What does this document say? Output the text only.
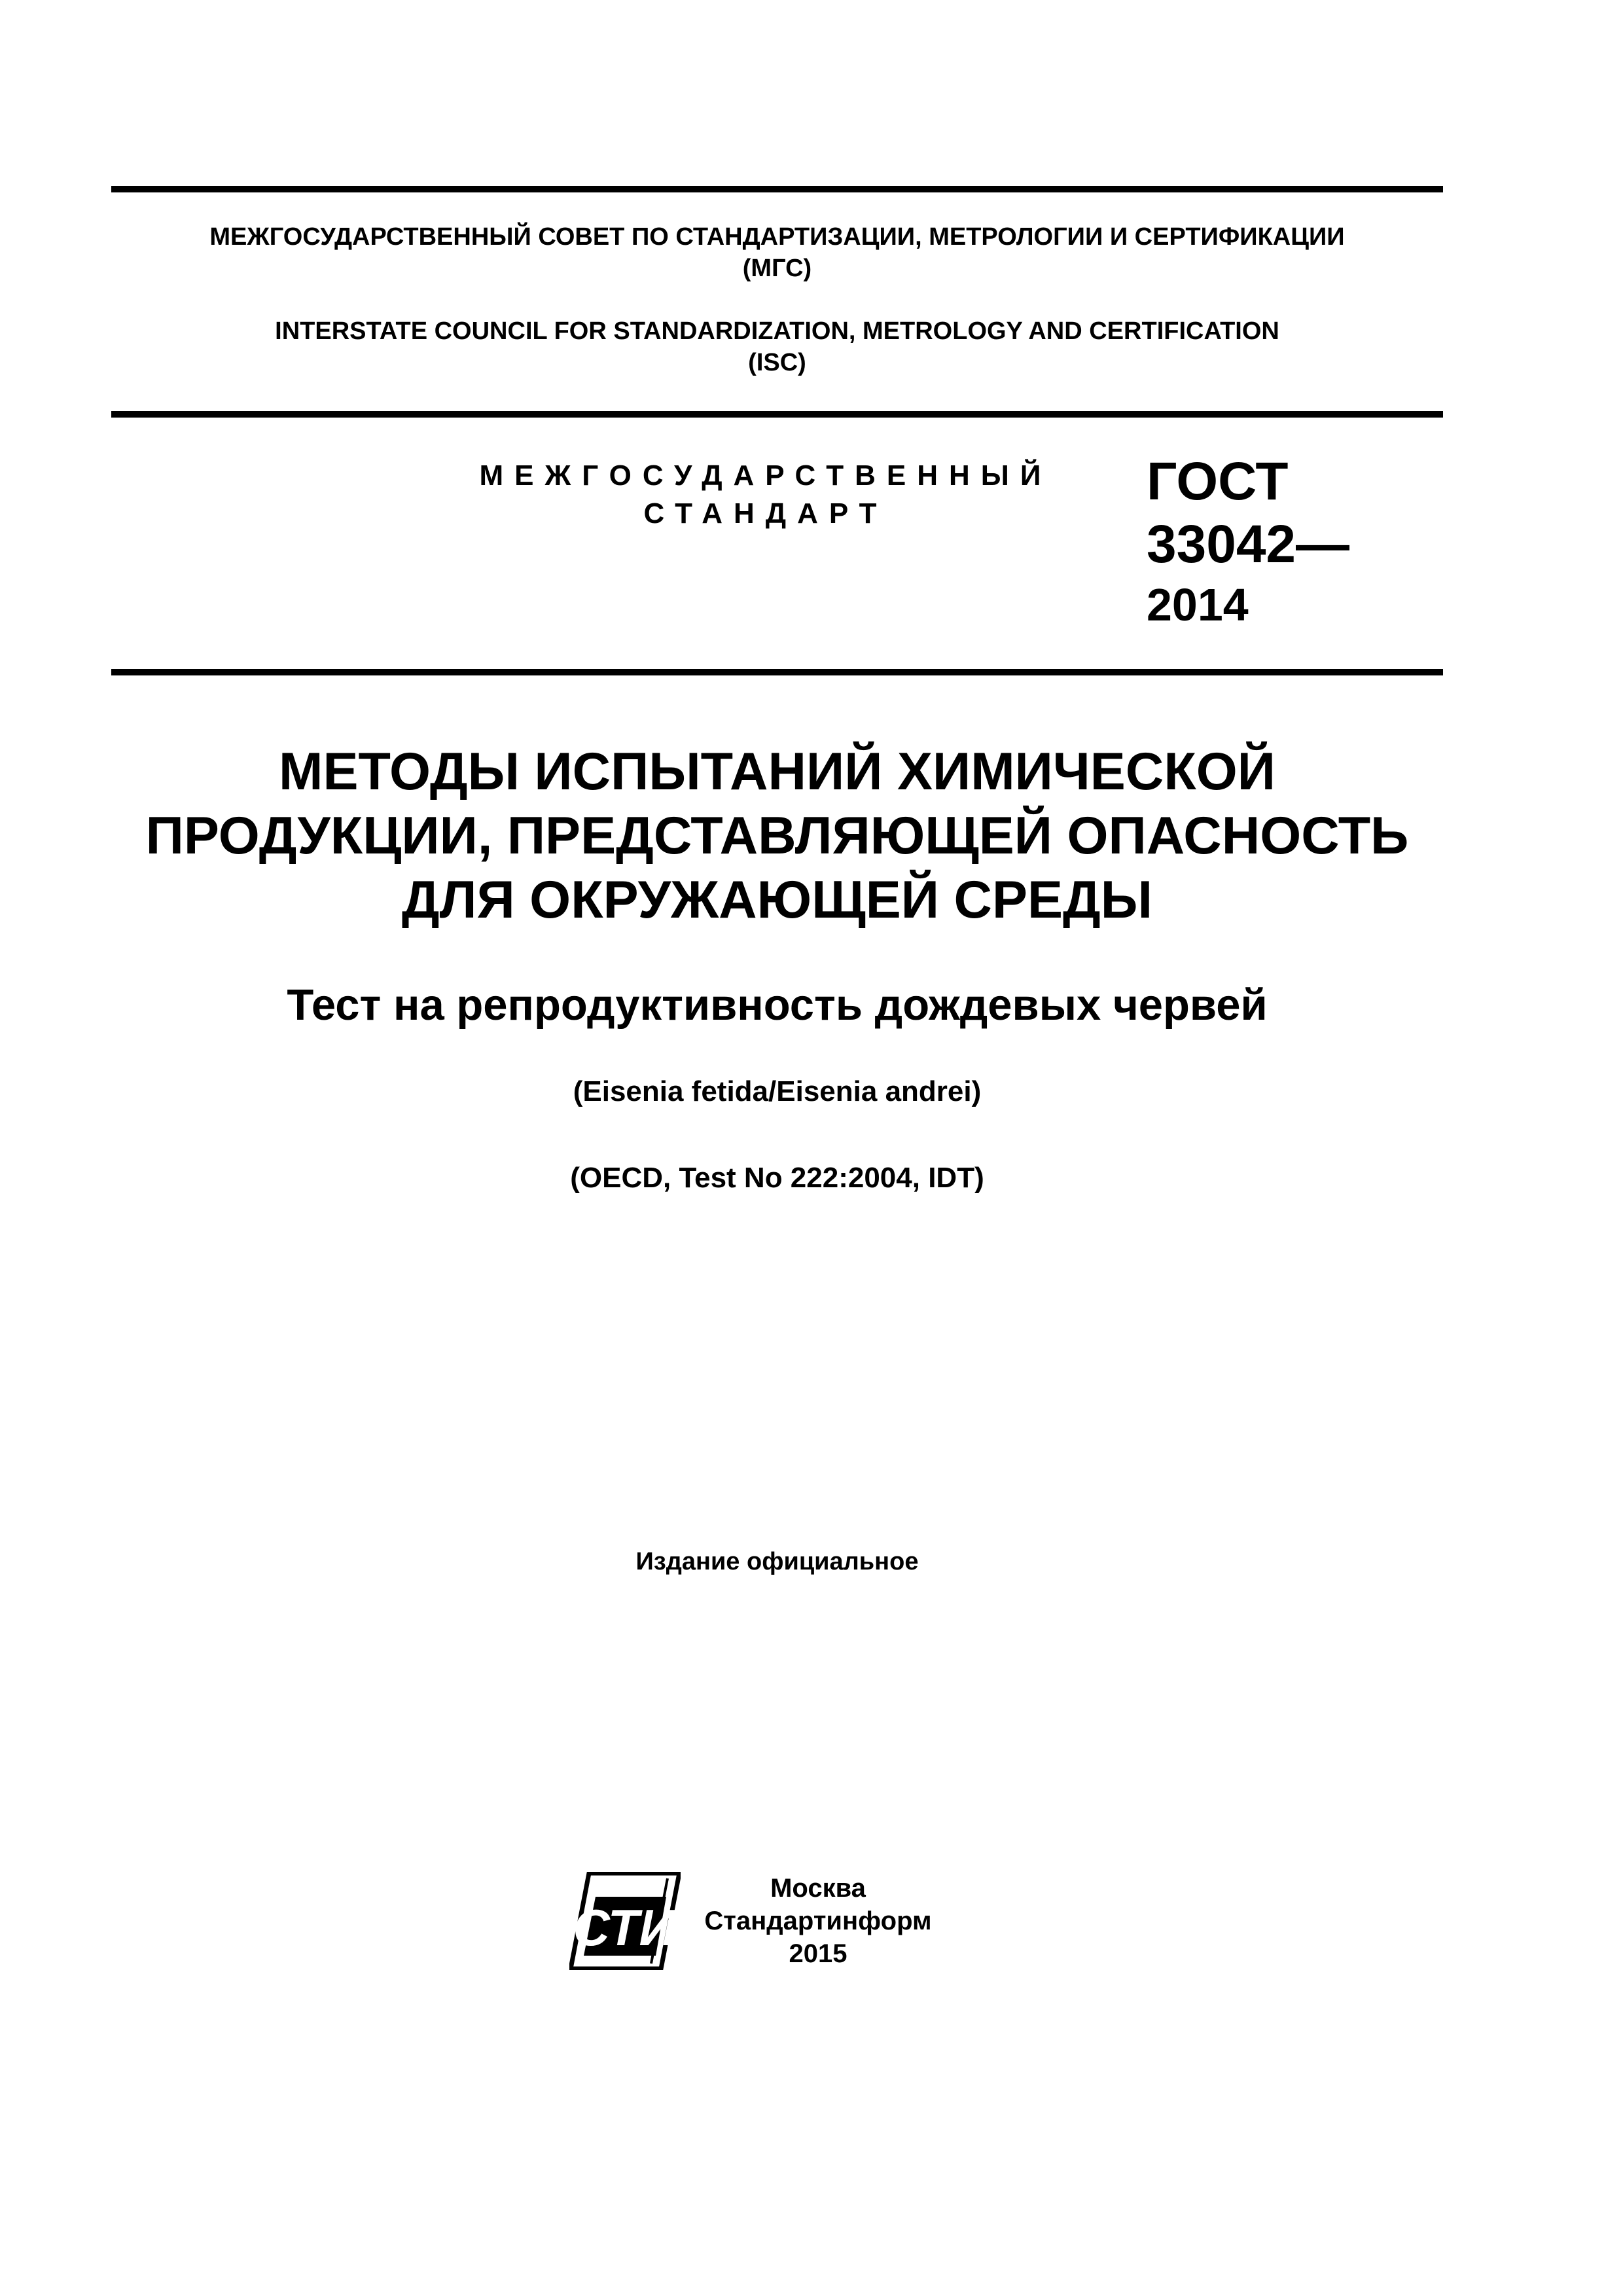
МЕЖГОСУДАРСТВЕННЫЙ СОВЕТ ПО СТАНДАРТИЗАЦИИ, МЕТРОЛОГИИ И СЕРТИФИКАЦИИ
(МГС)
INTERSTATE COUNCIL FOR STANDARDIZATION, METROLOGY AND CERTIFICATION
(ISC)
МЕЖГОСУДАРСТВЕННЫЙ
СТАНДАРТ
ГОСТ
33042—
2014
МЕТОДЫ ИСПЫТАНИЙ ХИМИЧЕСКОЙ
ПРОДУКЦИИ, ПРЕДСТАВЛЯЮЩЕЙ ОПАСНОСТЬ
ДЛЯ ОКРУЖАЮЩЕЙ СРЕДЫ
Тест на репродуктивность дождевых червей
(Eisenia fetida/Eisenia andrei)
(OECD, Test No 222:2004, IDT)
Издание официальное
СТИ
Москва
Стандартинформ
2015
